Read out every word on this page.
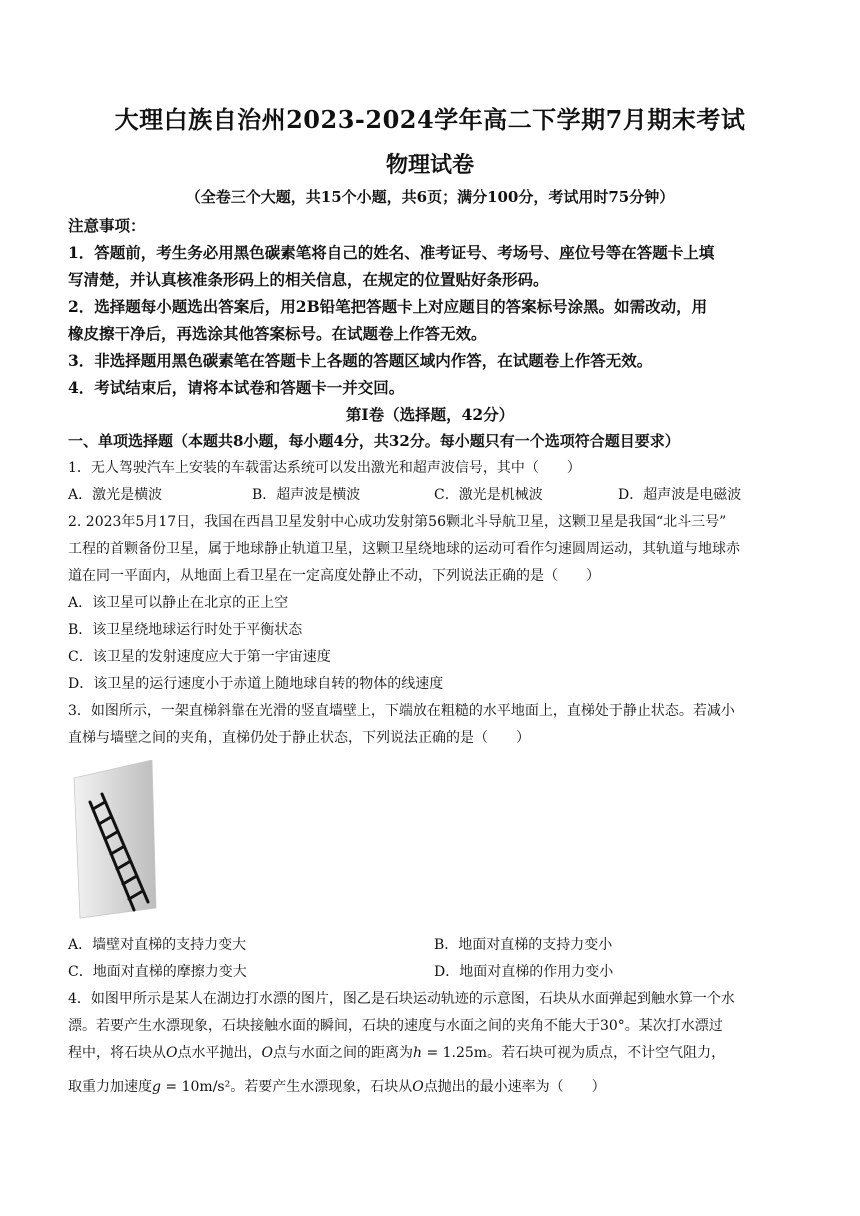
大理白族自治州2023-2024学年高二下学期7月期末考试
物理试卷
（全卷三个大题，共15个小题，共6页；满分100分，考试用时75分钟）
注意事项：
1．答题前，考生务必用黑色碳素笔将自己的姓名、准考证号、考场号、座位号等在答题卡上填
写清楚，并认真核准条形码上的相关信息，在规定的位置贴好条形码。
2．选择题每小题选出答案后，用2B铅笔把答题卡上对应题目的答案标号涂黑。如需改动，用
橡皮擦干净后，再选涂其他答案标号。在试题卷上作答无效。
3．非选择题用黑色碳素笔在答题卡上各题的答题区域内作答，在试题卷上作答无效。
4．考试结束后，请将本试卷和答题卡一并交回。
第Ⅰ卷（选择题，42分）
一、单项选择题（本题共8小题，每小题4分，共32分。每小题只有一个选项符合题目要求）
1．无人驾驶汽车上安装的车载雷达系统可以发出激光和超声波信号，其中（　　）
A．激光是横波	B．超声波是横波	C．激光是机械波	D．超声波是电磁波
2. 2023年5月17日，我国在西昌卫星发射中心成功发射第56颗北斗导航卫星，这颗卫星是我国“北斗三号”
工程的首颗备份卫星，属于地球静止轨道卫星，这颗卫星绕地球的运动可看作匀速圆周运动，其轨道与地球赤
道在同一平面内，从地面上看卫星在一定高度处静止不动，下列说法正确的是（　　）
A．该卫星可以静止在北京的正上空
B．该卫星绕地球运行时处于平衡状态
C．该卫星的发射速度应大于第一宇宙速度
D．该卫星的运行速度小于赤道上随地球自转的物体的线速度
3．如图所示，一架直梯斜靠在光滑的竖直墙壁上，下端放在粗糙的水平地面上，直梯处于静止状态。若减小
直梯与墙壁之间的夹角，直梯仍处于静止状态，下列说法正确的是（　　）
A．墙壁对直梯的支持力变大	B．地面对直梯的支持力变小
C．地面对直梯的摩擦力变大	D．地面对直梯的作用力变小
4．如图甲所示是某人在湖边打水漂的图片，图乙是石块运动轨迹的示意图，石块从水面弹起到触水算一个水
漂。若要产生水漂现象，石块接触水面的瞬间，石块的速度与水面之间的夹角不能大于30°。某次打水漂过
程中，将石块从O点水平抛出，O点与水面之间的距离为h = 1.25m。若石块可视为质点，不计空气阻力，
取重力加速度g = 10m/s²。若要产生水漂现象，石块从O点抛出的最小速率为（　　）
